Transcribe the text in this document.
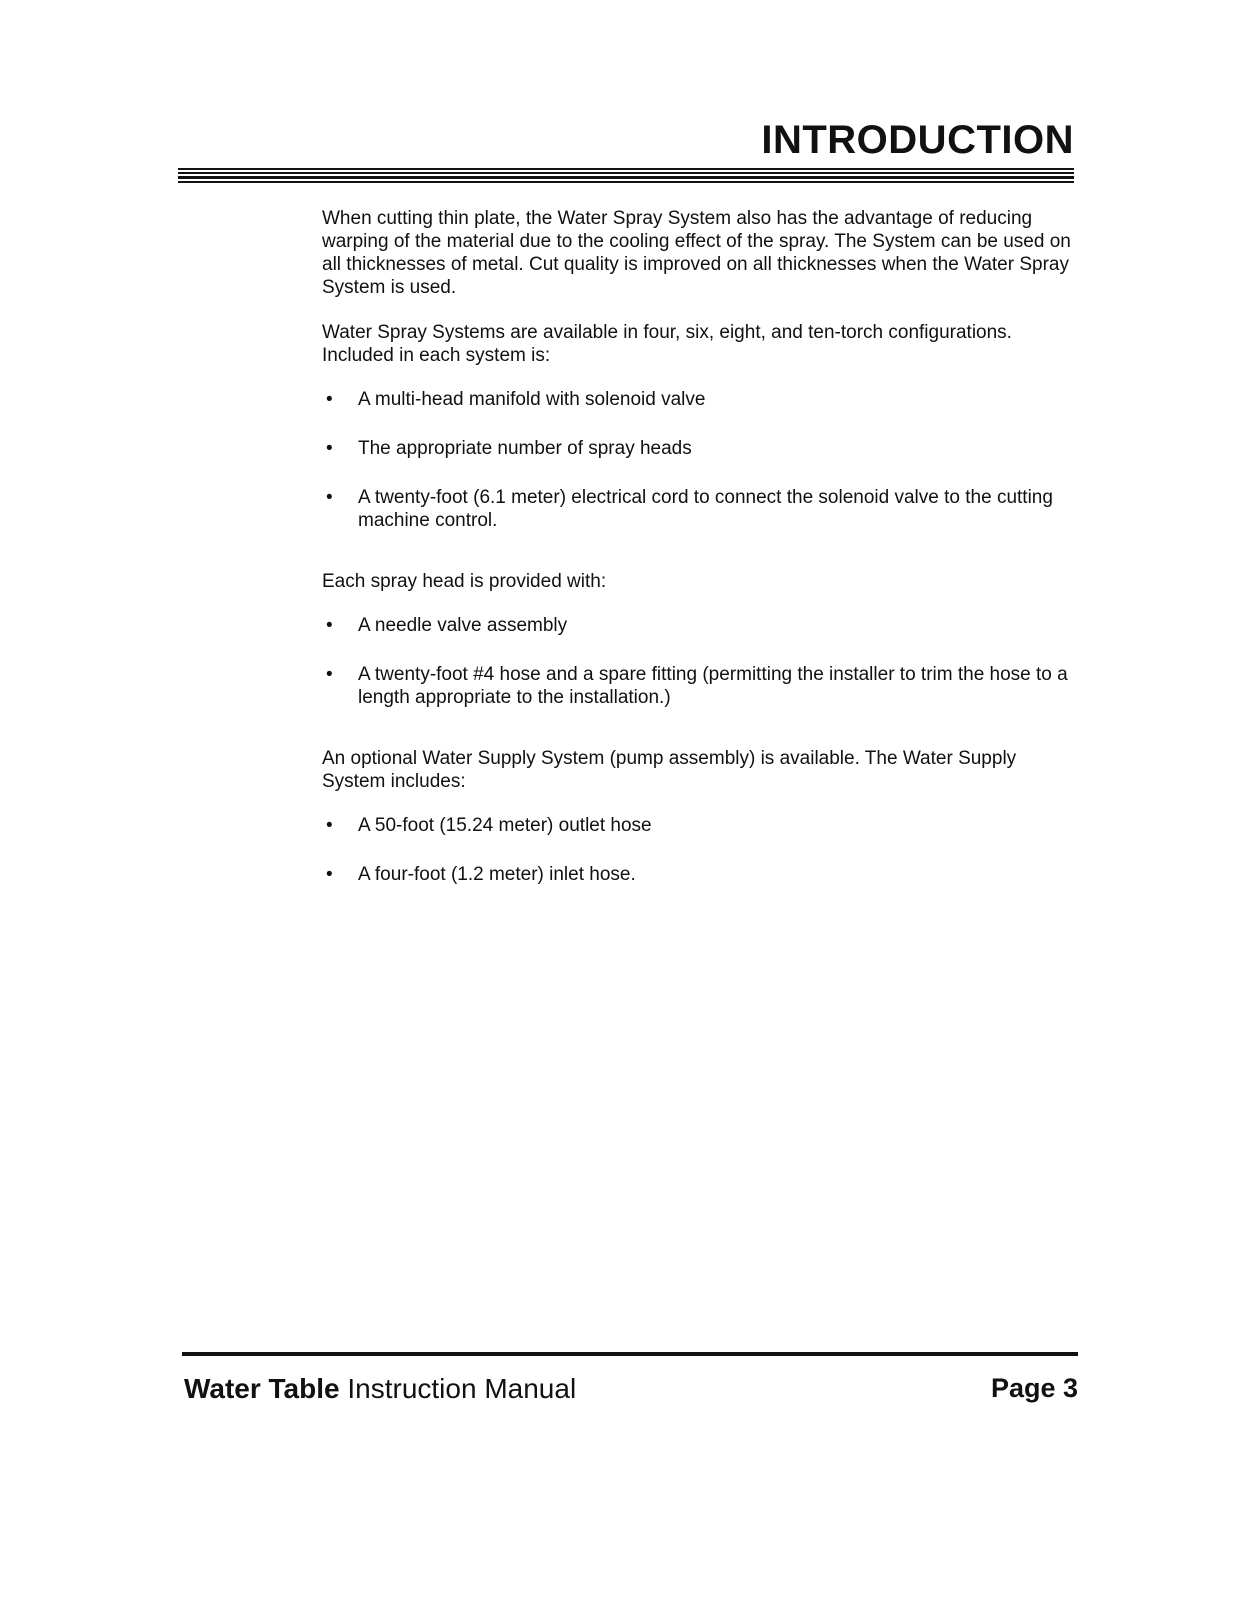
INTRODUCTION

When cutting thin plate, the Water Spray System also has the advantage of reducing warping of the material due to the cooling effect of the spray. The System can be used on all thicknesses of metal. Cut quality is improved on all thicknesses when the Water Spray System is used.

Water Spray Systems are available in four, six, eight, and ten-torch configurations. Included in each system is:

• A multi-head manifold with solenoid valve
• The appropriate number of spray heads
• A twenty-foot (6.1 meter) electrical cord to connect the solenoid valve to the cutting machine control.

Each spray head is provided with:

• A needle valve assembly
• A twenty-foot #4 hose and a spare fitting (permitting the installer to trim the hose to a length appropriate to the installation.)

An optional Water Supply System (pump assembly) is available. The Water Supply System includes:

• A 50-foot (15.24 meter) outlet hose
• A four-foot (1.2 meter) inlet hose.
Water Table Instruction Manual	Page 3
